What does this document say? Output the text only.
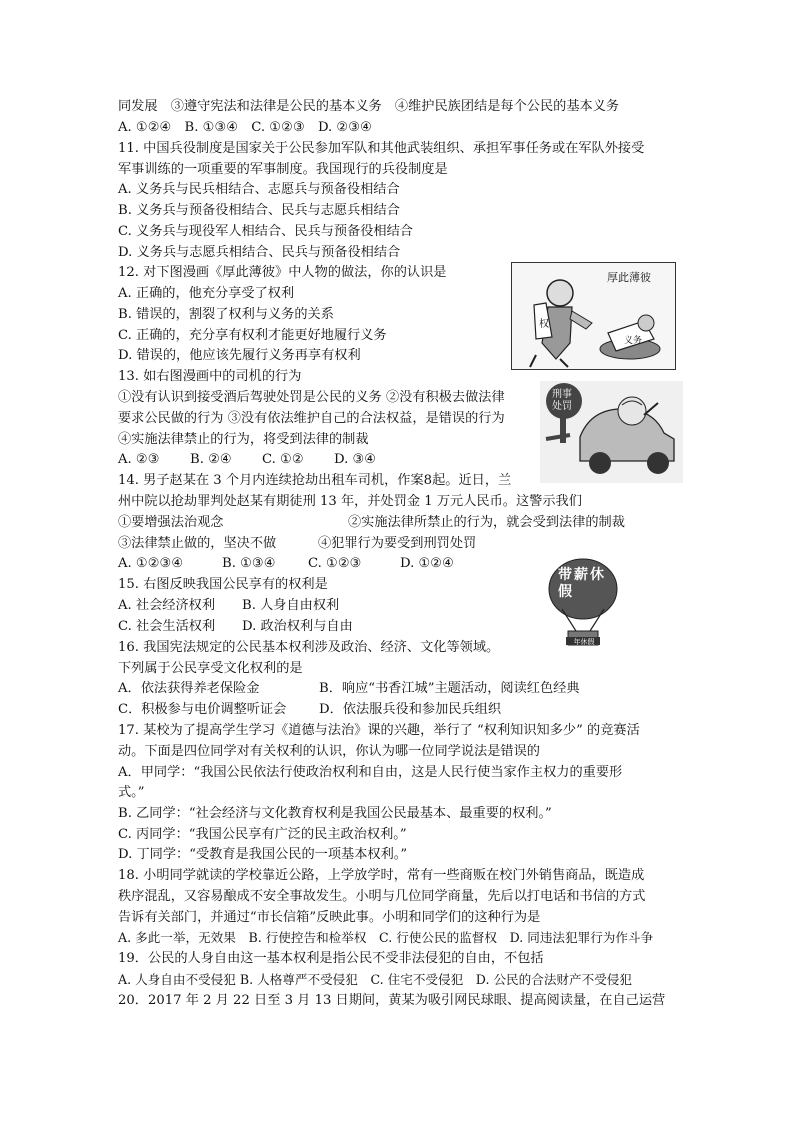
同发展　③遵守宪法和法律是公民的基本义务　④维护民族团结是每个公民的基本义务
A. ①②④　B. ①③④　C. ①②③　D. ②③④
11. 中国兵役制度是国家关于公民参加军队和其他武装组织、承担军事任务或在军队外接受
军事训练的一项重要的军事制度。我国现行的兵役制度是
A. 义务兵与民兵相结合、志愿兵与预备役相结合
B. 义务兵与预备役相结合、民兵与志愿兵相结合
C. 义务兵与现役军人相结合、民兵与预备役相结合
D. 义务兵与志愿兵相结合、民兵与预备役相结合
12. 对下图漫画《厚此薄彼》中人物的做法，你的认识是
A. 正确的，他充分享受了权利
B. 错误的，割裂了权利与义务的关系
C. 正确的，充分享有权利才能更好地履行义务
D. 错误的，他应该先履行义务再享有权利
厚此薄彼
权
义务
13. 如右图漫画中的司机的行为
①没有认识到接受酒后驾驶处罚是公民的义务 ②没有积极去做法律
要求公民做的行为 ③没有依法维护自己的合法权益，是错误的行为
④实施法律禁止的行为，将受到法律的制裁
A. ②③ B. ②④ C. ①② D. ③④
刑事处罚
14. 男子赵某在 3 个月内连续抢劫出租车司机，作案8起。近日，兰
州中院以抢劫罪判处赵某有期徒刑 13 年，并处罚金 1 万元人民币。这警示我们
①要增强法治观念	②实施法律所禁止的行为，就会受到法律的制裁
③法律禁止做的，坚决不做	④犯罪行为要受到刑罚处罚
A. ①②③④	B. ①③④ C. ①②③	D. ①②④
带薪休假
年休假
15. 右图反映我国公民享有的权利是
A. 社会经济权利 B. 人身自由权利
C. 社会生活权利 D. 政治权利与自由
16. 我国宪法规定的公民基本权利涉及政治、经济、文化等领域。
下列属于公民享受文化权利的是
A．依法获得养老保险金	B．响应“书香江城”主题活动，阅读红色经典
C．积极参与电价调整听证会 D．依法服兵役和参加民兵组织
17. 某校为了提高学生学习《道德与法治》课的兴趣，举行了 “权利知识知多少” 的竞赛活
动。下面是四位同学对有关权利的认识，你认为哪一位同学说法是错误的
A．甲同学：“我国公民依法行使政治权利和自由，这是人民行使当家作主权力的重要形
式。”
B. 乙同学：“社会经济与文化教育权利是我国公民最基本、最重要的权利。”
C. 丙同学：“我国公民享有广泛的民主政治权利。”
D. 丁同学：“受教育是我国公民的一项基本权利。”
18. 小明同学就读的学校靠近公路，上学放学时，常有一些商贩在校门外销售商品，既造成
秩序混乱，又容易酿成不安全事故发生。小明与几位同学商量，先后以打电话和书信的方式
告诉有关部门，并通过“市长信箱”反映此事。小明和同学们的这种行为是
A. 多此一举，无效果　B. 行使控告和检举权　C. 行使公民的监督权　D. 同违法犯罪行为作斗争
19．公民的人身自由这一基本权利是指公民不受非法侵犯的自由，不包括
A. 人身自由不受侵犯 B. 人格尊严不受侵犯　C. 住宅不受侵犯　D. 公民的合法财产不受侵犯
20．2017 年 2 月 22 日至 3 月 13 日期间，黄某为吸引网民球眼、提高阅读量，在自己运营
